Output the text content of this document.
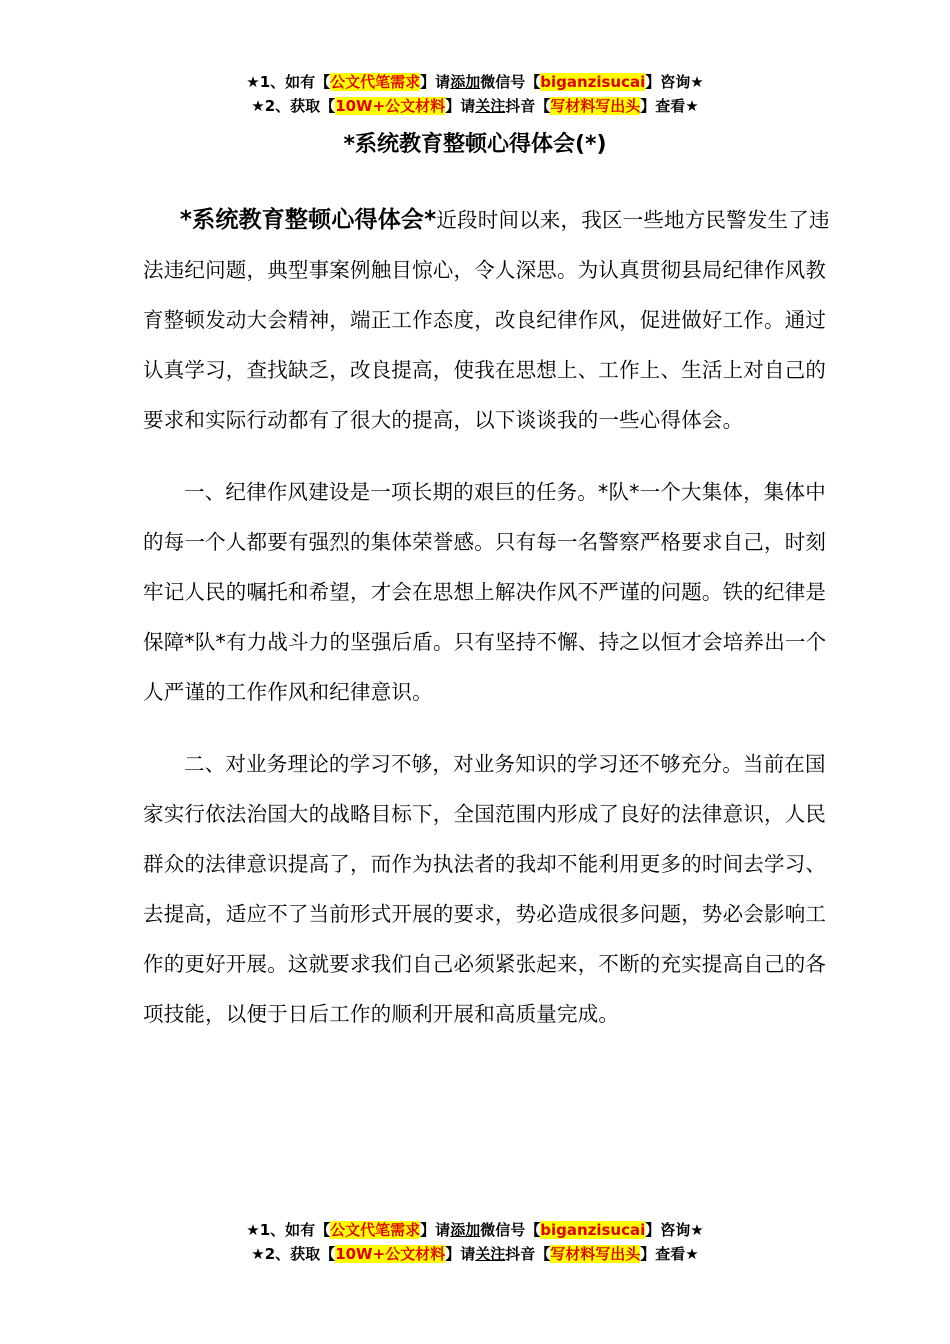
★1、如有【公文代笔需求】请添加微信号【biganzisucai】咨询★
★2、获取【10W+公文材料】请关注抖音【写材料写出头】查看★
*系统教育整顿心得体会(*)

*系统教育整顿心得体会*近段时间以来，我区一些地方民警发生了违法违纪问题，典型事案例触目惊心，令人深思。为认真贯彻县局纪律作风教育整顿发动大会精神，端正工作态度，改良纪律作风，促进做好工作。通过认真学习，查找缺乏，改良提高，使我在思想上、工作上、生活上对自己的要求和实际行动都有了很大的提高，以下谈谈我的一些心得体会。

一、纪律作风建设是一项长期的艰巨的任务。*队*一个大集体，集体中的每一个人都要有强烈的集体荣誉感。只有每一名警察严格要求自己，时刻牢记人民的嘱托和希望，才会在思想上解决作风不严谨的问题。铁的纪律是保障*队*有力战斗力的坚强后盾。只有坚持不懈、持之以恒才会培养出一个人严谨的工作作风和纪律意识。

二、对业务理论的学习不够，对业务知识的学习还不够充分。当前在国家实行依法治国大的战略目标下，全国范围内形成了良好的法律意识，人民群众的法律意识提高了，而作为执法者的我却不能利用更多的时间去学习、去提高，适应不了当前形式开展的要求，势必造成很多问题，势必会影响工作的更好开展。这就要求我们自己必须紧张起来，不断的充实提高自己的各项技能，以便于日后工作的顺利开展和高质量完成。

★1、如有【公文代笔需求】请添加微信号【biganzisucai】咨询★
★2、获取【10W+公文材料】请关注抖音【写材料写出头】查看★
